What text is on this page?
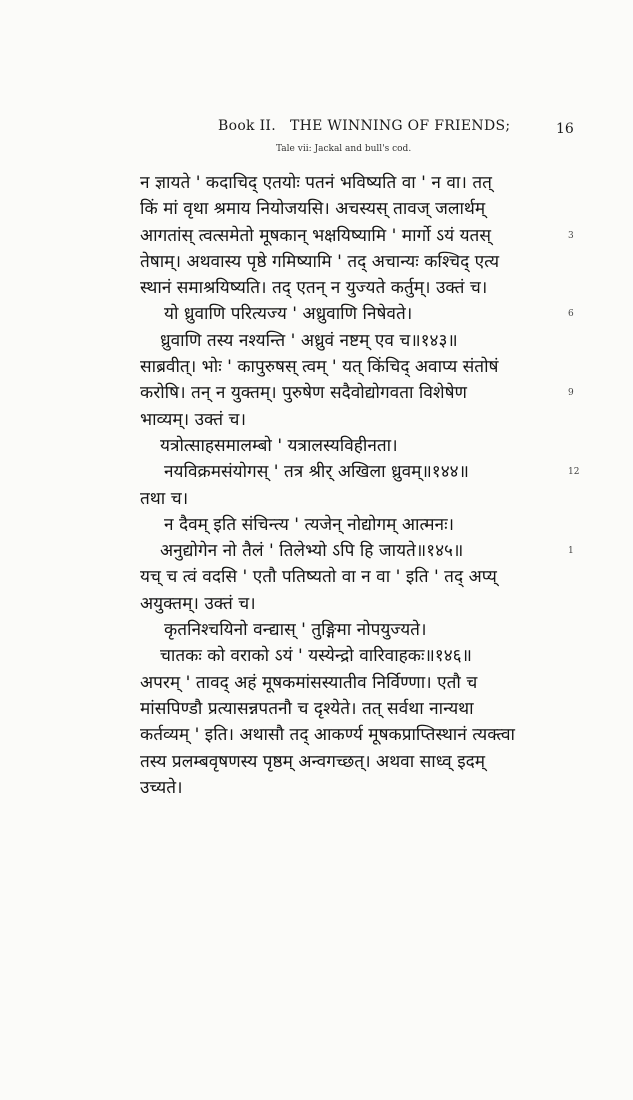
Book II. THE WINNING OF FRIENDS;	16
Tale vii: Jackal and bull's cod.
न ज्ञायते ' कदाचिद् एतयोः पतनं भविष्यति वा ' न वा। तत्
किं मां वृथा श्रमाय नियोजयसि। अचस्यस् तावज् जलार्थम्
आगतांस् त्वत्समेतो मूषकान् भक्षयिष्यामि ' मार्गो ऽयं यतस्	3
तेषाम्। अथवास्य पृष्ठे गमिष्यामि ' तद् अचान्यः कश्चिद् एत्य
स्थानं समाश्रयिष्यति। तद् एतन् न युज्यते कर्तुम्। उक्तं च।
यो ध्रुवाणि परित्यज्य ' अध्रुवाणि निषेवते।	6
ध्रुवाणि तस्य नश्यन्ति ' अध्रुवं नष्टम् एव च॥१४३॥
साब्रवीत्। भोः ' कापुरुषस् त्वम् ' यत् किंचिद् अवाप्य संतोषं
करोषि। तन् न युक्तम्। पुरुषेण सदैवोद्योगवता विशेषेण	9
भाव्यम्। उक्तं च।
यत्रोत्साहसमालम्बो ' यत्रालस्यविहीनता।
नयविक्रमसंयोगस् ' तत्र श्रीर् अखिला ध्रुवम्॥१४४॥	12
तथा च।
न दैवम् इति संचिन्त्य ' त्यजेन् नोद्योगम् आत्मनः।
अनुद्योगेन नो तैलं ' तिलेभ्यो ऽपि हि जायते॥१४५॥	1
यच् च त्वं वदसि ' एतौ पतिष्यतो वा न वा ' इति ' तद् अप्य्
अयुक्तम्। उक्तं च।
कृतनिश्चयिनो वन्द्यास् ' तुङ्गिमा नोपयुज्यते।
चातकः को वराको ऽयं ' यस्येन्द्रो वारिवाहकः॥१४६॥
अपरम् ' तावद् अहं मूषकमांसस्यातीव निर्विण्णा। एतौ च
मांसपिण्डौ प्रत्यासन्नपतनौ च दृश्येते। तत् सर्वथा नान्यथा
कर्तव्यम् ' इति। अथासौ तद् आकर्ण्य मूषकप्राप्तिस्थानं त्यक्त्वा
तस्य प्रलम्बवृषणस्य पृष्ठम् अन्वगच्छत्। अथवा साध्व् इदम्
उच्यते।
